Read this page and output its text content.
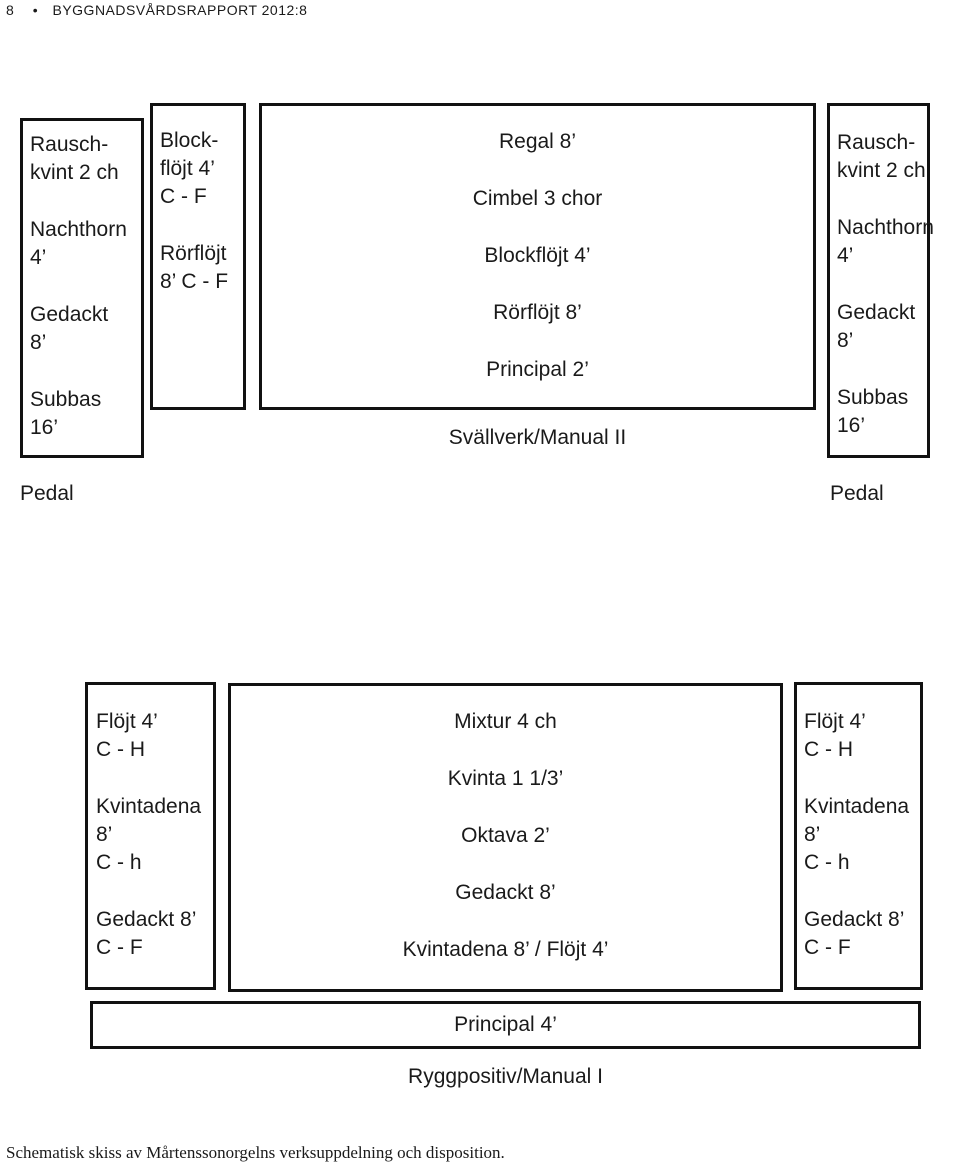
8 • BYGGNADSVÅRDSRAPPORT 2012:8
Rausch-
kvint 2 ch
Nachthorn
4’
Gedackt
8’
Subbas
16’
Pedal
Block-
flöjt 4’
C - F
Rörflöjt
8’ C - F
Regal 8’
Cimbel 3 chor
Blockflöjt 4’
Rörflöjt 8’
Principal 2’
Svällverk/Manual II
Rausch-
kvint 2 ch
Nachthorn
4’
Gedackt
8’
Subbas
16’
Pedal
Flöjt 4’
C - H
Kvintadena
8’
C - h
Gedackt 8’
C - F
Mixtur 4 ch
Kvinta 1 1/3’
Oktava 2’
Gedackt 8’
Kvintadena 8’ / Flöjt 4’
Flöjt 4’
C - H
Kvintadena
8’
C - h
Gedackt 8’
C - F
Principal 4’
Ryggpositiv/Manual I
Schematisk skiss av Mårtenssonorgelns verksuppdelning och disposition.
